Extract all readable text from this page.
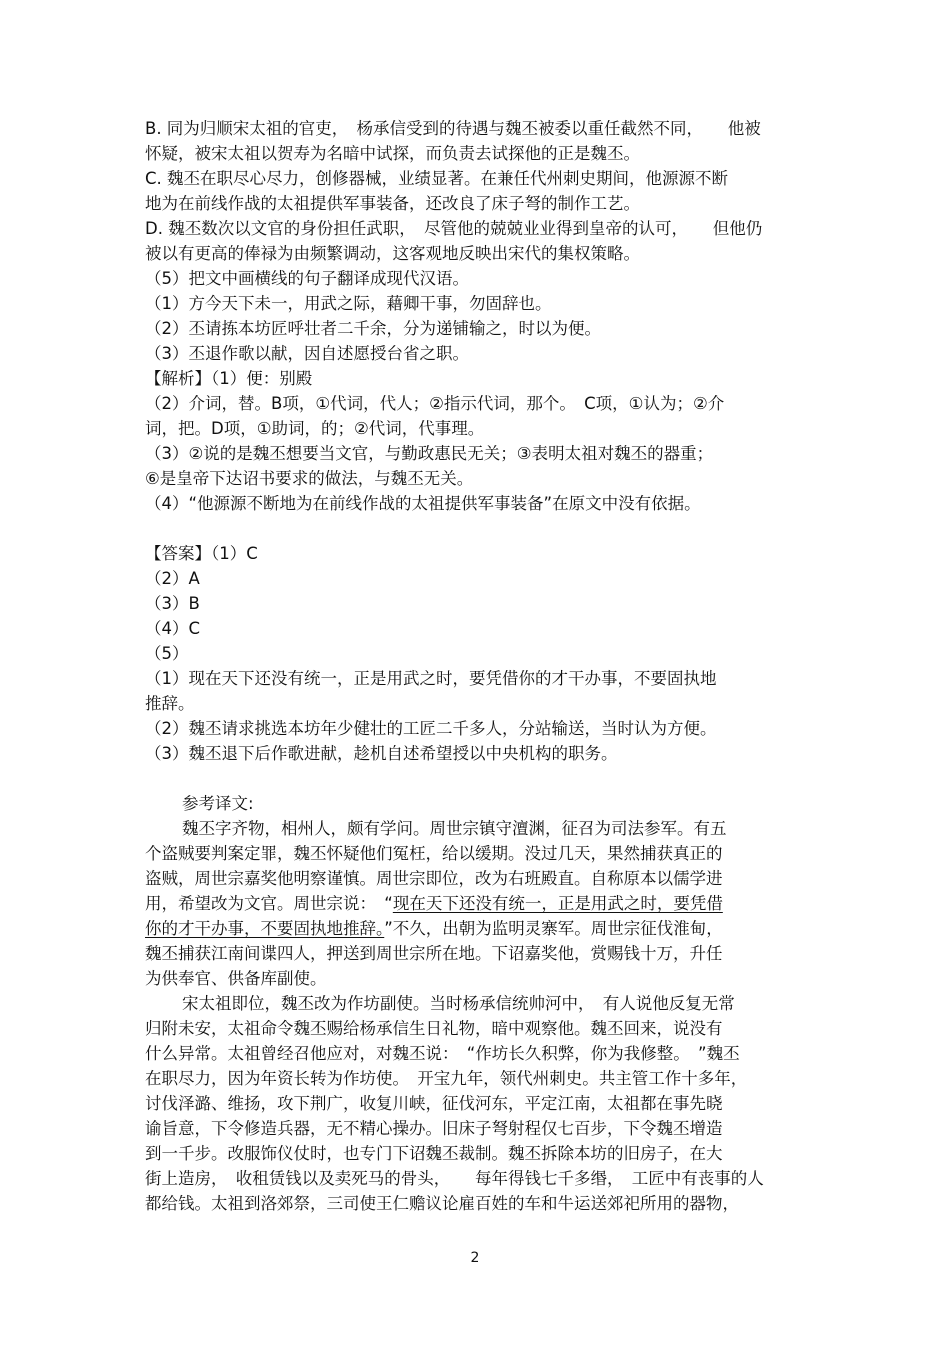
B. 同为归顺宋太祖的官吏，　杨承信受到的待遇与魏丕被委以重任截然不同，　　他被

怀疑，被宋太祖以贺寿为名暗中试探，而负责去试探他的正是魏丕。

C. 魏丕在职尽心尽力，创修器械，业绩显著。在兼任代州刺史期间，他源源不断

地为在前线作战的太祖提供军事装备，还改良了床子弩的制作工艺。

D. 魏丕数次以文官的身份担任武职，　尽管他的兢兢业业得到皇帝的认可，　　但他仍

被以有更高的俸禄为由频繁调动，这客观地反映出宋代的集权策略。

（5）把文中画横线的句子翻译成现代汉语。

（1）方今天下未一，用武之际，藉卿干事，勿固辞也。

（2）丕请拣本坊匠呼壮者二千余，分为递铺输之，时以为便。

（3）丕退作歌以献，因自述愿授台省之职。

【解析】（1）便：别殿

（2）介词，替。B项，①代词，代人；②指示代词，那个。　C项，①认为；②介

词，把。D项，①助词，的；②代词，代事理。

（3）②说的是魏丕想要当文官，与勤政惠民无关；③表明太祖对魏丕的器重；

⑥是皇帝下达诏书要求的做法，与魏丕无关。

（4）“他源源不断地为在前线作战的太祖提供军事装备”在原文中没有依据。

【答案】（1）C

（2）A

（3）B

（4）C

（5）

（1）现在天下还没有统一，正是用武之时，要凭借你的才干办事，不要固执地

推辞。

（2）魏丕请求挑选本坊年少健壮的工匠二千多人，分站输送，当时认为方便。

（3）魏丕退下后作歌进献，趁机自述希望授以中央机构的职务。

参考译文:

魏丕字齐物，相州人，颇有学问。周世宗镇守澶渊，征召为司法参军。有五

个盗贼要判案定罪，魏丕怀疑他们冤枉，给以缓期。没过几天，果然捕获真正的

盗贼，周世宗嘉奖他明察谨慎。周世宗即位，改为右班殿直。自称原本以儒学进

用，希望改为文官。周世宗说：　“现在天下还没有统一，正是用武之时，要凭借

你的才干办事，不要固执地推辞。”不久，出朝为监明灵寨军。周世宗征伐淮甸，

魏丕捕获江南间谍四人，押送到周世宗所在地。下诏嘉奖他，赏赐钱十万，升任

为供奉官、供备库副使。

宋太祖即位，魏丕改为作坊副使。当时杨承信统帅河中，　有人说他反复无常

归附未安，太祖命令魏丕赐给杨承信生日礼物，暗中观察他。魏丕回来，说没有

什么异常。太祖曾经召他应对，对魏丕说：　“作坊长久积弊，你为我修整。　”魏丕

在职尽力，因为年资长转为作坊使。　开宝九年，领代州刺史。共主管工作十多年，

讨伐泽潞、维扬，攻下荆广，收复川峡，征伐河东，平定江南，太祖都在事先晓

谕旨意，下令修造兵器，无不精心操办。旧床子弩射程仅七百步，下令魏丕增造

到一千步。改服饰仪仗时，也专门下诏魏丕裁制。魏丕拆除本坊的旧房子，在大

街上造房，　收租赁钱以及卖死马的骨头，　　每年得钱七千多缗，　工匠中有丧事的人

都给钱。太祖到洛郊祭，三司使王仁赡议论雇百姓的车和牛运送郊祀所用的器物，

2
